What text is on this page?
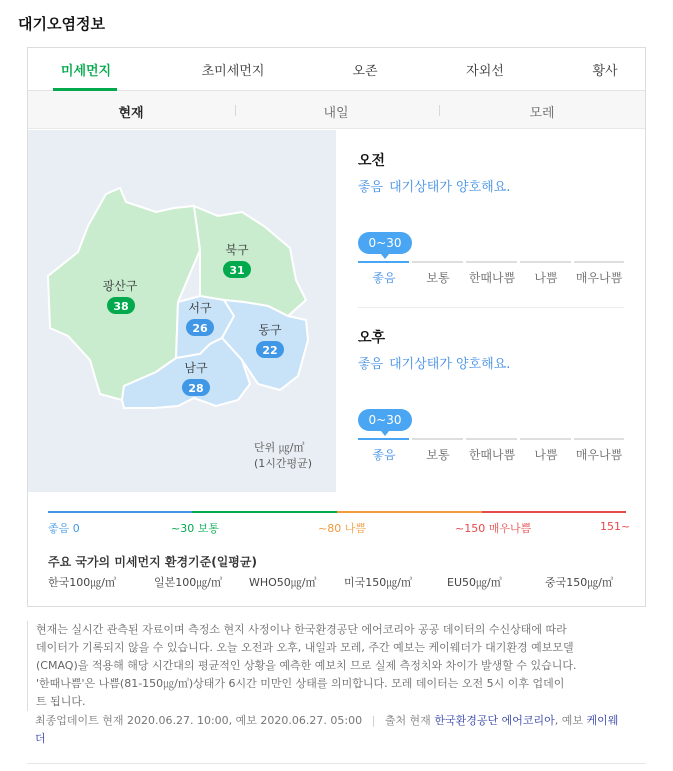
대기오염정보
미세먼지	초미세먼지	오존	자외선	황사
현재	내일	모레
광산구
38
북구
31
서구
26	동구
22
남구
28
단위 ㎍/㎥
(1시간평균)
오전
좋음 대기상태가 양호해요.
0~30
좋음	보통 한때나쁨 나쁨 매우나쁨
오후
좋음 대기상태가 양호해요.
0~30
좋음	보통 한때나쁨 나쁨 매우나쁨
좋음 0	~30 보통	~80 나쁨	~150 매우나쁨	151~
주요 국가의 미세먼지 환경기준(일평균)
한국100㎍/㎥	일본100㎍/㎥ WHO50㎍/㎥ 미국150㎍/㎥	EU50㎍/㎥	중국150㎍/㎥
현재는 실시간 관측된 자료이며 측정소 현지 사정이나 한국환경공단 에어코리아 공공 데이터의 수신상태에 따라
데이터가 기록되지 않을 수 있습니다. 오늘 오전과 오후, 내일과 모레, 주간 예보는 케이웨더가 대기환경 예보모델
(CMAQ)을 적용해 해당 시간대의 평균적인 상황을 예측한 예보치 므로 실제 측정치와 차이가 발생할 수 있습니다.
'한때나쁨'은 나쁨(81-150㎍/㎥)상태가 6시간 미만인 상태를 의미합니다. 모레 데이터는 오전 5시 이후 업데이
트 됩니다.
최종업데이트 현재 2020.06.27. 10:00, 예보 2020.06.27. 05:00 | 출처 현재 한국환경공단 에어코리아, 예보 케이웨더
